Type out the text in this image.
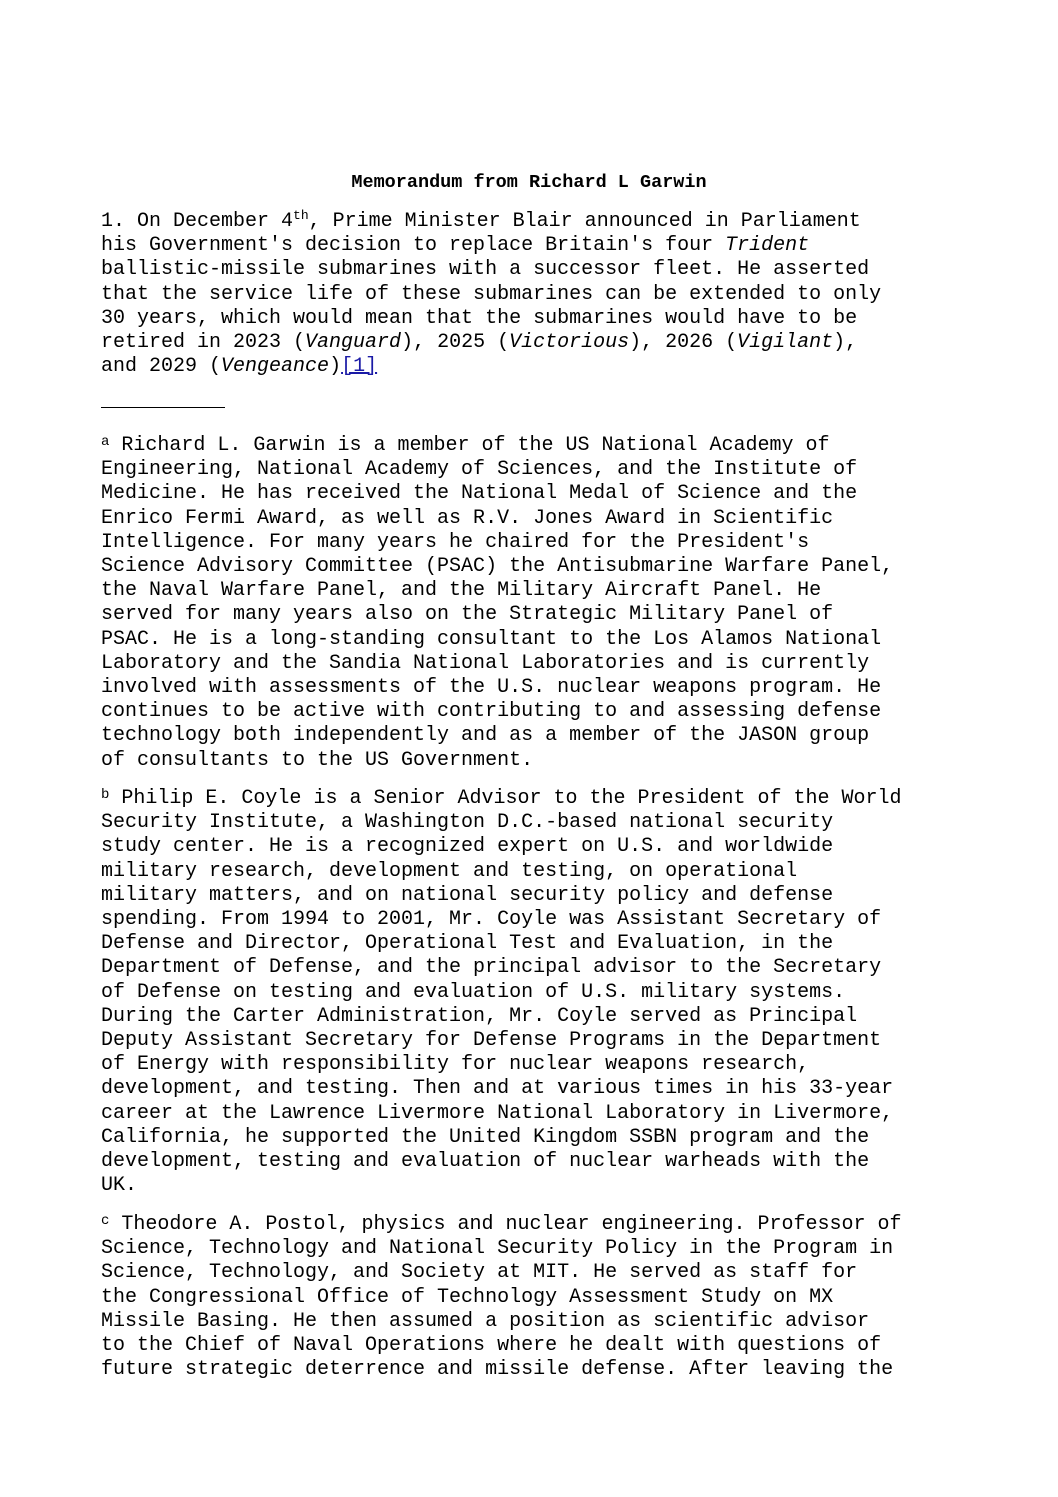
Memorandum from Richard L Garwin
1. On December 4th, Prime Minister Blair announced in Parliament
his Government's decision to replace Britain's four Trident
ballistic-missile submarines with a successor fleet. He asserted
that the service life of these submarines can be extended to only
30 years, which would mean that the submarines would have to be
retired in 2023 (Vanguard), 2025 (Victorious), 2026 (Vigilant),
and 2029 (Vengeance)[1]
$^a$ Richard L. Garwin is a member of the US National Academy of
Engineering, National Academy of Sciences, and the Institute of
Medicine. He has received the National Medal of Science and the
Enrico Fermi Award, as well as R.V. Jones Award in Scientific
Intelligence. For many years he chaired for the President's
Science Advisory Committee (PSAC) the Antisubmarine Warfare Panel,
the Naval Warfare Panel, and the Military Aircraft Panel. He
served for many years also on the Strategic Military Panel of
PSAC. He is a long-standing consultant to the Los Alamos National
Laboratory and the Sandia National Laboratories and is currently
involved with assessments of the U.S. nuclear weapons program. He
continues to be active with contributing to and assessing defense
technology both independently and as a member of the JASON group
of consultants to the US Government.
$^b$ Philip E. Coyle is a Senior Advisor to the President of the World
Security Institute, a Washington D.C.-based national security
study center. He is a recognized expert on U.S. and worldwide
military research, development and testing, on operational
military matters, and on national security policy and defense
spending. From 1994 to 2001, Mr. Coyle was Assistant Secretary of
Defense and Director, Operational Test and Evaluation, in the
Department of Defense, and the principal advisor to the Secretary
of Defense on testing and evaluation of U.S. military systems.
During the Carter Administration, Mr. Coyle served as Principal
Deputy Assistant Secretary for Defense Programs in the Department
of Energy with responsibility for nuclear weapons research,
development, and testing. Then and at various times in his 33-year
career at the Lawrence Livermore National Laboratory in Livermore,
California, he supported the United Kingdom SSBN program and the
development, testing and evaluation of nuclear warheads with the
UK.
$^c$ Theodore A. Postol, physics and nuclear engineering. Professor of
Science, Technology and National Security Policy in the Program in
Science, Technology, and Society at MIT. He served as staff for
the Congressional Office of Technology Assessment Study on MX
Missile Basing. He then assumed a position as scientific advisor
to the Chief of Naval Operations where he dealt with questions of
future strategic deterrence and missile defense. After leaving the
